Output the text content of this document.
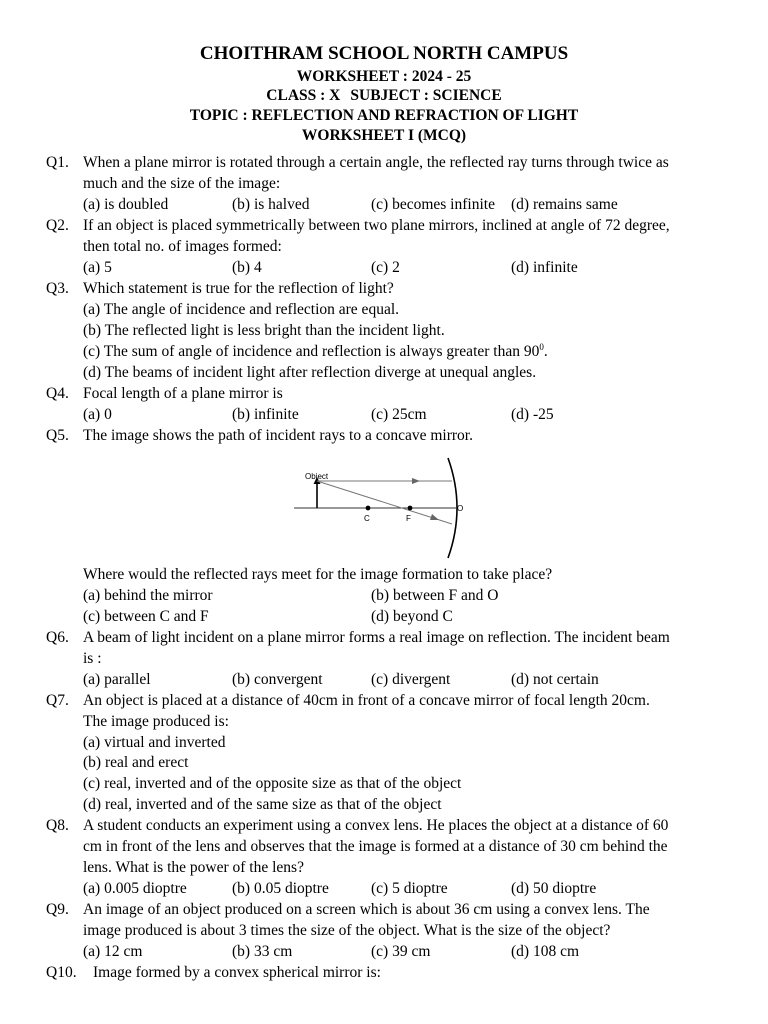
CHOITHRAM SCHOOL NORTH CAMPUS
WORKSHEET : 2024 - 25
CLASS : X SUBJECT : SCIENCE
TOPIC : REFLECTION AND REFRACTION OF LIGHT
WORKSHEET I (MCQ)
Q1. When a plane mirror is rotated through a certain angle, the reflected ray turns through twice as
much and the size of the image:
(a) is doubled	(b) is halved	(c) becomes infinite (d) remains same
Q2. If an object is placed symmetrically between two plane mirrors, inclined at angle of 72 degree,
then total no. of images formed:
(a) 5	(b) 4	(c) 2	(d) infinite
Q3. Which statement is true for the reflection of light?
(a) The angle of incidence and reflection are equal.
(b) The reflected light is less bright than the incident light.
(c) The sum of angle of incidence and reflection is always greater than $90^0$.
(d) The beams of incident light after reflection diverge at unequal angles.
Q4. Focal length of a plane mirror is
(a) 0	(b) infinite	(c) 25cm	(d) -25
Q5. The image shows the path of incident rays to a concave mirror.
Object
C	F
O
Where would the reflected rays meet for the image formation to take place?
(a) behind the mirror	(b) between F and O
(c) between C and F	(d) beyond C
Q6. A beam of light incident on a plane mirror forms a real image on reflection. The incident beam
is :
(a) parallel	(b) convergent	(c) divergent	(d) not certain
Q7. An object is placed at a distance of 40cm in front of a concave mirror of focal length 20cm.
The image produced is:
(a) virtual and inverted
(b) real and erect
(c) real, inverted and of the opposite size as that of the object
(d) real, inverted and of the same size as that of the object
Q8. A student conducts an experiment using a convex lens. He places the object at a distance of 60
cm in front of the lens and observes that the image is formed at a distance of 30 cm behind the
lens. What is the power of the lens?
(a) 0.005 dioptre	(b) 0.05 dioptre	(c) 5 dioptre	(d) 50 dioptre
Q9. An image of an object produced on a screen which is about 36 cm using a convex lens. The
image produced is about 3 times the size of the object. What is the size of the object?
(a) 12 cm	(b) 33 cm	(c) 39 cm	(d) 108 cm
Q10. Image formed by a convex spherical mirror is:
